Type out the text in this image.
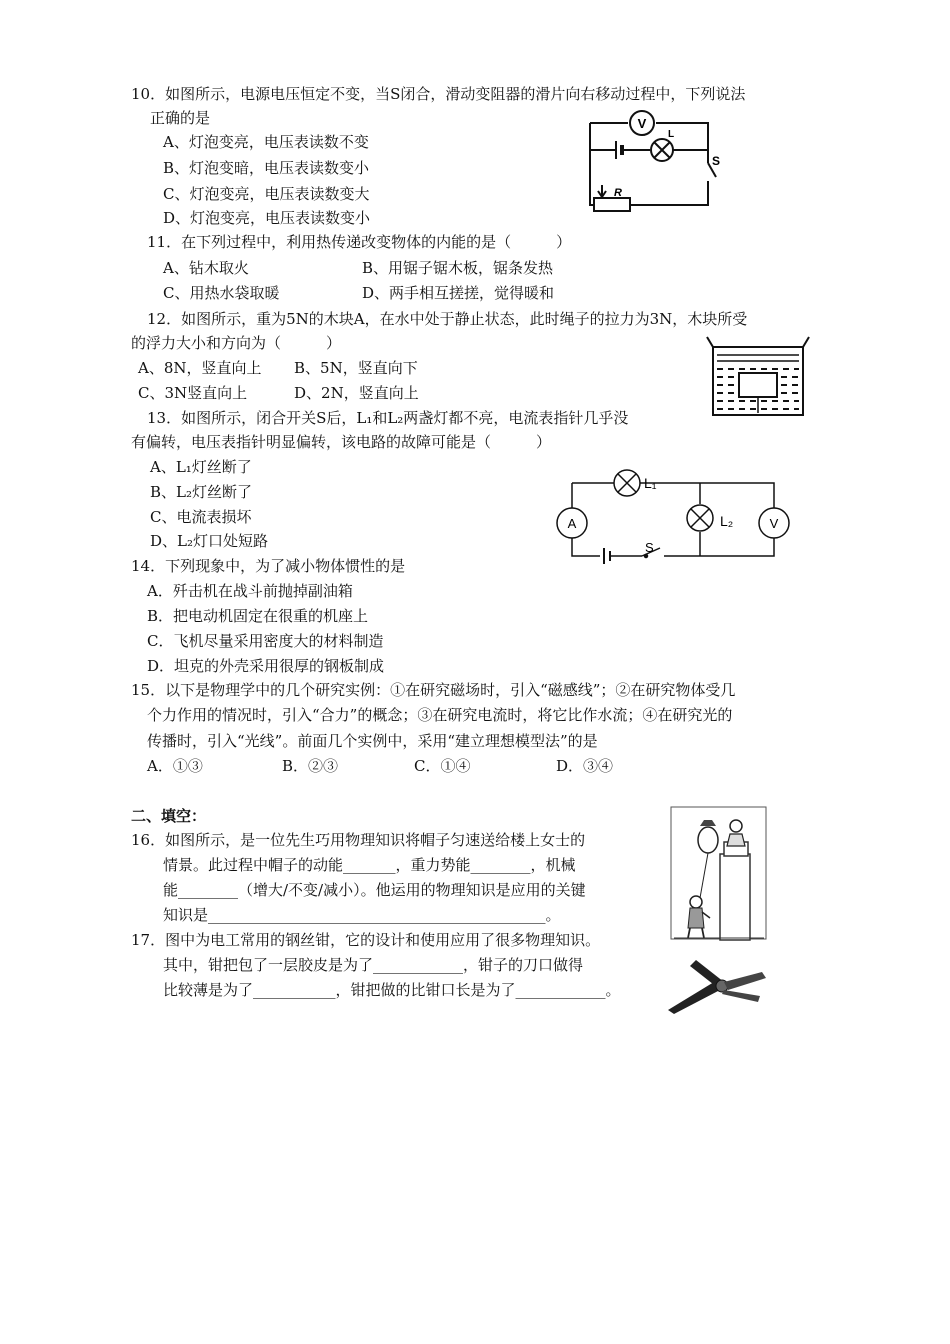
10．如图所示，电源电压恒定不变，当S闭合，滑动变阻器的滑片向右移动过程中，下列说法
正确的是
A、灯泡变亮，电压表读数不变
B、灯泡变暗，电压表读数变小
C、灯泡变亮，电压表读数变大
D、灯泡变亮，电压表读数变小
V
L
S
R
11．在下列过程中，利用热传递改变物体的内能的是（　　　）
A、钻木取火	B、用锯子锯木板，锯条发热
C、用热水袋取暖	D、两手相互搓搓，觉得暖和
12．如图所示，重为5N的木块A，在水中处于静止状态，此时绳子的拉力为3N，木块所受
的浮力大小和方向为（　　　）
A、8N，竖直向上 B、5N，竖直向下
C、3N竖直向上	D、2N，竖直向上
13．如图所示，闭合开关S后，L₁和L₂两盏灯都不亮，电流表指针几乎没
有偏转，电压表指针明显偏转，该电路的故障可能是（　　　）
A、L₁灯丝断了
B、L₂灯丝断了
C、电流表损坏
D、L₂灯口处短路
A	V
L₁
L₂
S
14．下列现象中，为了减小物体惯性的是
A．歼击机在战斗前抛掉副油箱
B．把电动机固定在很重的机座上
C．飞机尽量采用密度大的材料制造
D．坦克的外壳采用很厚的钢板制成
15．以下是物理学中的几个研究实例：①在研究磁场时，引入“磁感线”；②在研究物体受几
个力作用的情况时，引入“合力”的概念；③在研究电流时，将它比作水流；④在研究光的
传播时，引入“光线”。前面几个实例中，采用“建立理想模型法”的是
A．①③	B．②③	C．①④	D．③④
二、填空：
16．如图所示，是一位先生巧用物理知识将帽子匀速送给楼上女士的
情景。此过程中帽子的动能_______，重力势能________，机械
能________（增大/不变/减小）。他运用的物理知识是应用的关键
知识是_____________________________________________。
17．图中为电工常用的钢丝钳，它的设计和使用应用了很多物理知识。
其中，钳把包了一层胶皮是为了____________，钳子的刀口做得
比较薄是为了___________，钳把做的比钳口长是为了____________。
